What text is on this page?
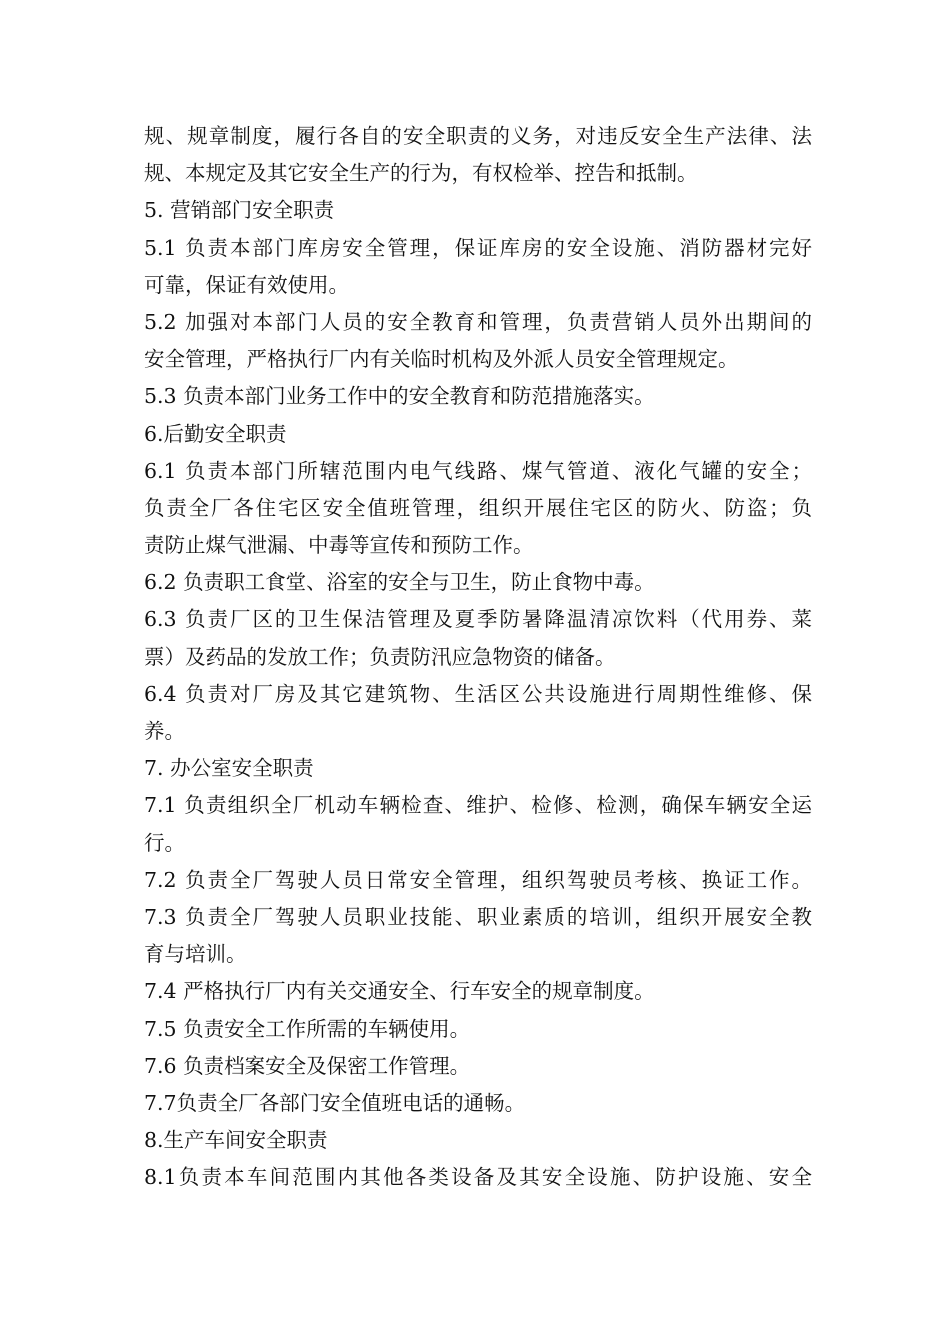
规、规章制度，履行各自的安全职责的义务，对违反安全生产法律、法
规、本规定及其它安全生产的行为，有权检举、控告和抵制。
5. 营销部门安全职责
5.1 负责本部门库房安全管理，保证库房的安全设施、消防器材完好
可靠，保证有效使用。
5.2 加强对本部门人员的安全教育和管理，负责营销人员外出期间的
安全管理，严格执行厂内有关临时机构及外派人员安全管理规定。
5.3 负责本部门业务工作中的安全教育和防范措施落实。
6.后勤安全职责
6.1 负责本部门所辖范围内电气线路、煤气管道、液化气罐的安全；
负责全厂各住宅区安全值班管理，组织开展住宅区的防火、防盗；负
责防止煤气泄漏、中毒等宣传和预防工作。
6.2 负责职工食堂、浴室的安全与卫生，防止食物中毒。
6.3 负责厂区的卫生保洁管理及夏季防暑降温清凉饮料（代用券、菜
票）及药品的发放工作；负责防汛应急物资的储备。
6.4 负责对厂房及其它建筑物、生活区公共设施进行周期性维修、保
养。
7. 办公室安全职责
7.1 负责组织全厂机动车辆检查、维护、检修、检测，确保车辆安全运
行。
7.2 负责全厂驾驶人员日常安全管理，组织驾驶员考核、换证工作。
7.3 负责全厂驾驶人员职业技能、职业素质的培训，组织开展安全教
育与培训。
7.4 严格执行厂内有关交通安全、行车安全的规章制度。
7.5 负责安全工作所需的车辆使用。
7.6 负责档案安全及保密工作管理。
7.7负责全厂各部门安全值班电话的通畅。
8.生产车间安全职责
8.1负责本车间范围内其他各类设备及其安全设施、防护设施、安全
